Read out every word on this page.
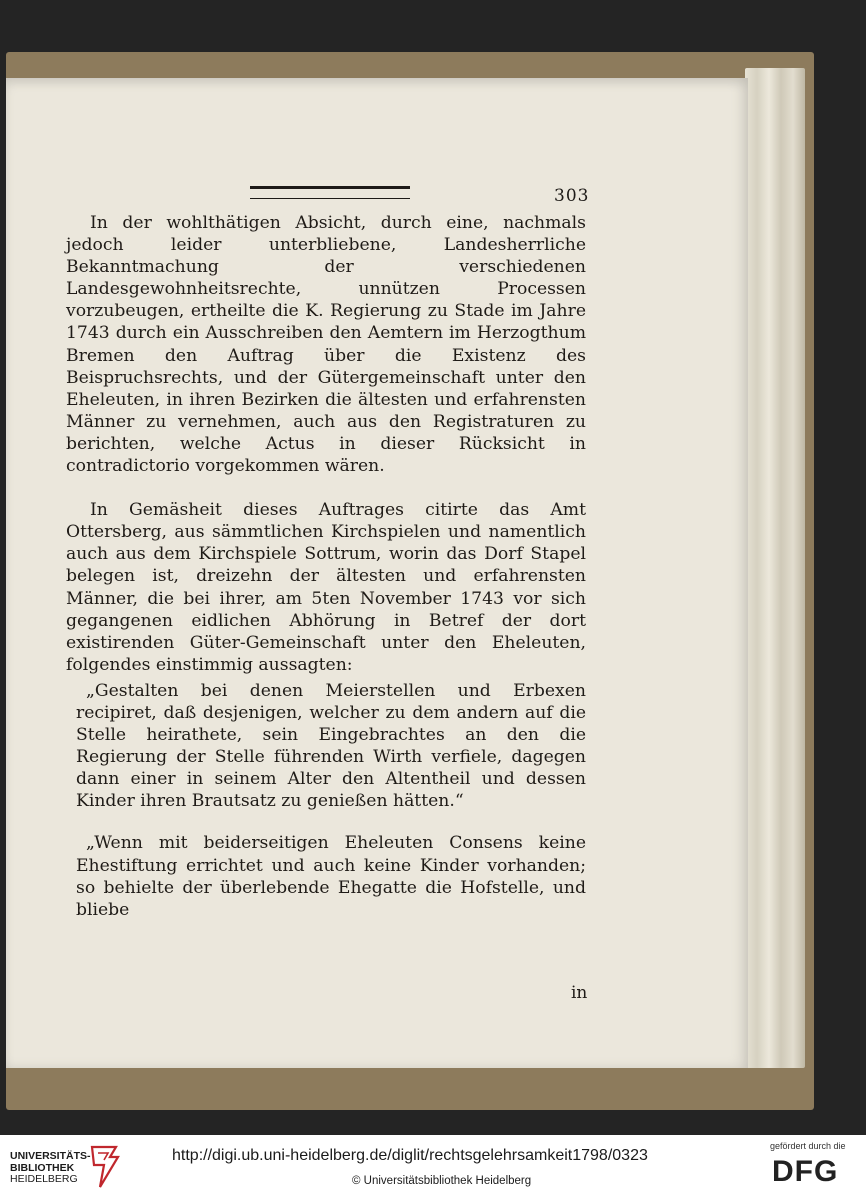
303

In der wohlthätigen Absicht, durch eine, nachmals jedoch leider unterbliebene, Landesherrliche Bekanntmachung der verschiedenen Landesgewohnheitsrechte, unnützen Processen vorzubeugen, ertheilte die K. Regierung zu Stade im Jahre 1743 durch ein Ausschreiben den Aemtern im Herzogthum Bremen den Auftrag über die Existenz des Beispruchsrechts, und der Gütergemeinschaft unter den Eheleuten, in ihren Bezirken die ältesten und erfahrensten Männer zu vernehmen, auch aus den Registraturen zu berichten, welche Actus in dieser Rücksicht in contradictorio vorgekommen wären.

In Gemäsheit dieses Auftrages citirte das Amt Ottersberg, aus sämmtlichen Kirchspielen und namentlich auch aus dem Kirchspiele Sottrum, worin das Dorf Stapel belegen ist, dreizehn der ältesten und erfahrensten Männer, die bei ihrer, am 5ten November 1743 vor sich gegangenen eidlichen Abhörung in Betref der dort existirenden Güter-Gemeinschaft unter den Eheleuten, folgendes einstimmig aussagten:

„Gestalten bei denen Meierstellen und Erbexen recipiret, daß desjenigen, welcher zu dem andern auf die Stelle heirathete, sein Eingebrachtes an den die Regierung der Stelle führenden Wirth verfiele, dagegen dann einer in seinem Alter den Altentheil und dessen Kinder ihren Brautsatz zu genießen hätten.“

„Wenn mit beiderseitigen Eheleuten Consens keine Ehestiftung errichtet und auch keine Kinder vorhanden; so behielte der überlebende Ehegatte die Hofstelle, und bliebe

in
UNIVERSITÄTS-
BIBLIOTHEK
HEIDELBERG
http://digi.ub.uni-heidelberg.de/diglit/rechtsgelehrsamkeit1798/0323
© Universitätsbibliothek Heidelberg
gefördert durch die
DFG
